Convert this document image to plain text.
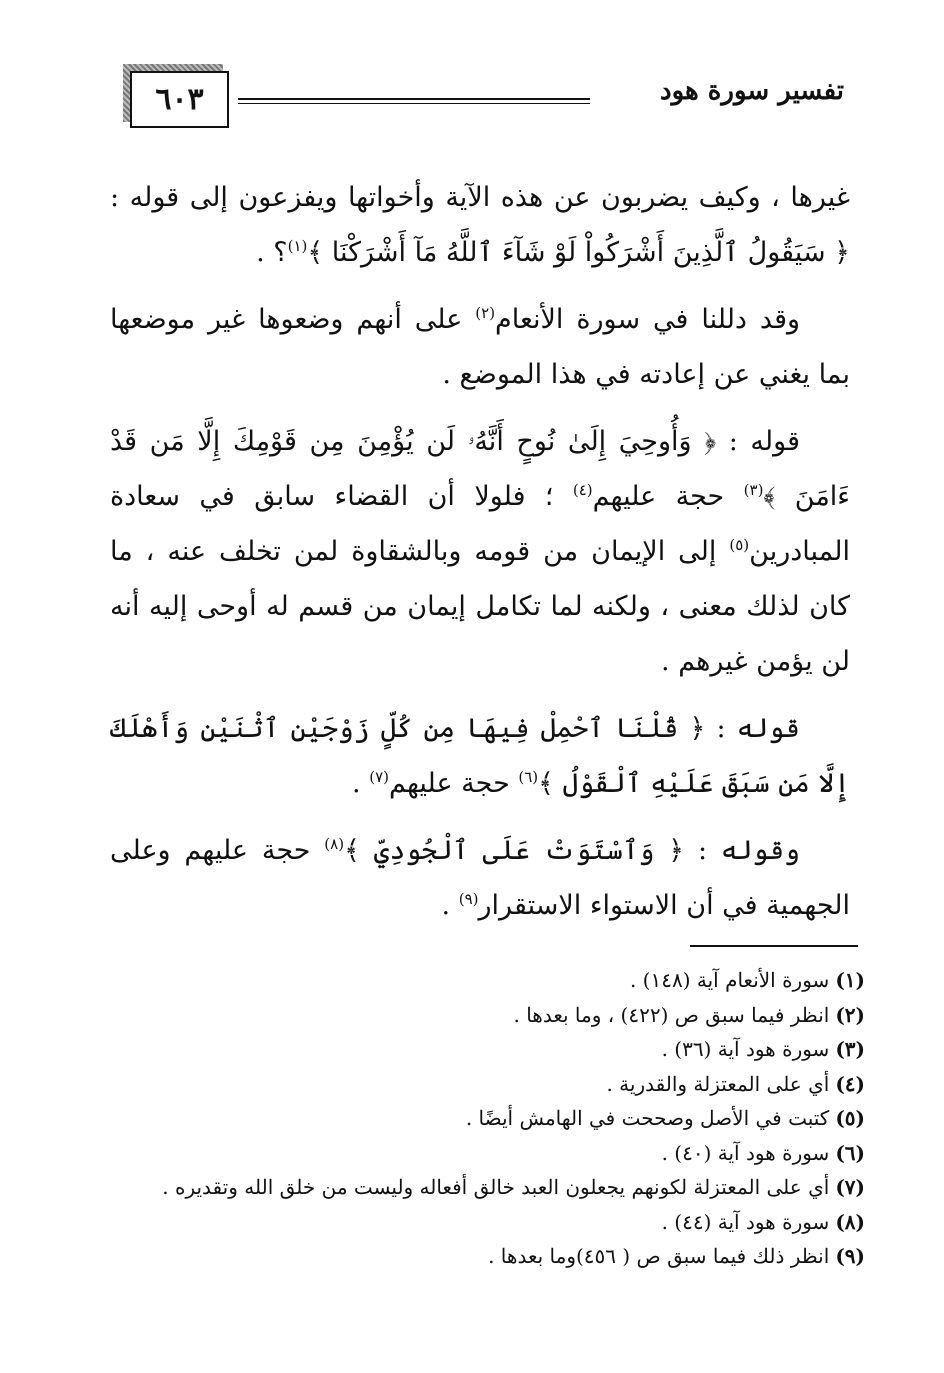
٦٠٣	تفسير سورة هود

غيرها ، وكيف يضربون عن هذه الآية وأخواتها ويفزعون إلى قوله : ﴿ سَيَقُولُ ٱلَّذِينَ أَشْرَكُواْ لَوْ شَآءَ ٱللَّهُ مَآ أَشْرَكْنَا ﴾$^{(١)}$؟ .

وقد دللنا في سورة الأنعام$^{(٢)}$ على أنهم وضعوها غير موضعها بما يغني عن إعادته في هذا الموضع .

قوله : ﴿ وَأُوحِيَ إِلَىٰ نُوحٍ أَنَّهُۥ لَن يُؤْمِنَ مِن قَوْمِكَ إِلَّا مَن قَدْ ءَامَنَ ﴾$^{(٣)}$ حجة عليهم$^{(٤)}$ ؛ فلولا أن القضاء سابق في سعادة المبادرين$^{(٥)}$ إلى الإيمان من قومه وبالشقاوة لمن تخلف عنه ، ما كان لذلك معنى ، ولكنه لما تكامل إيمان من قسم له أوحى إليه أنه لن يؤمن غيرهم .

قوله : ﴿ قُلْنَا ٱحْمِلْ فِيهَا مِن كُلٍّ زَوْجَيْنِ ٱثْنَيْنِ وَأَهْلَكَ إِلَّا مَن سَبَقَ عَلَيْهِ ٱلْقَوْلُ ﴾$^{(٦)}$ حجة عليهم$^{(٧)}$ .

وقوله : ﴿ وَٱسْتَوَتْ عَلَى ٱلْجُودِيِّ ﴾$^{(٨)}$ حجة عليهم وعلى الجهمية في أن الاستواء الاستقرار$^{(٩)}$ .

(١)سورة الأنعام آية (١٤٨) .
(٢)انظر فيما سبق ص (٤٢٢) ، وما بعدها .
(٣)سورة هود آية (٣٦) .
(٤)أي على المعتزلة والقدرية .
(٥)كتبت في الأصل وصححت في الهامش أيضًا .
(٦)سورة هود آية (٤٠) .
(٧)أي على المعتزلة لكونهم يجعلون العبد خالق أفعاله وليست من خلق الله وتقديره .
(٨)سورة هود آية (٤٤) .
(٩)انظر ذلك فيما سبق ص ( ٤٥٦)وما بعدها .
